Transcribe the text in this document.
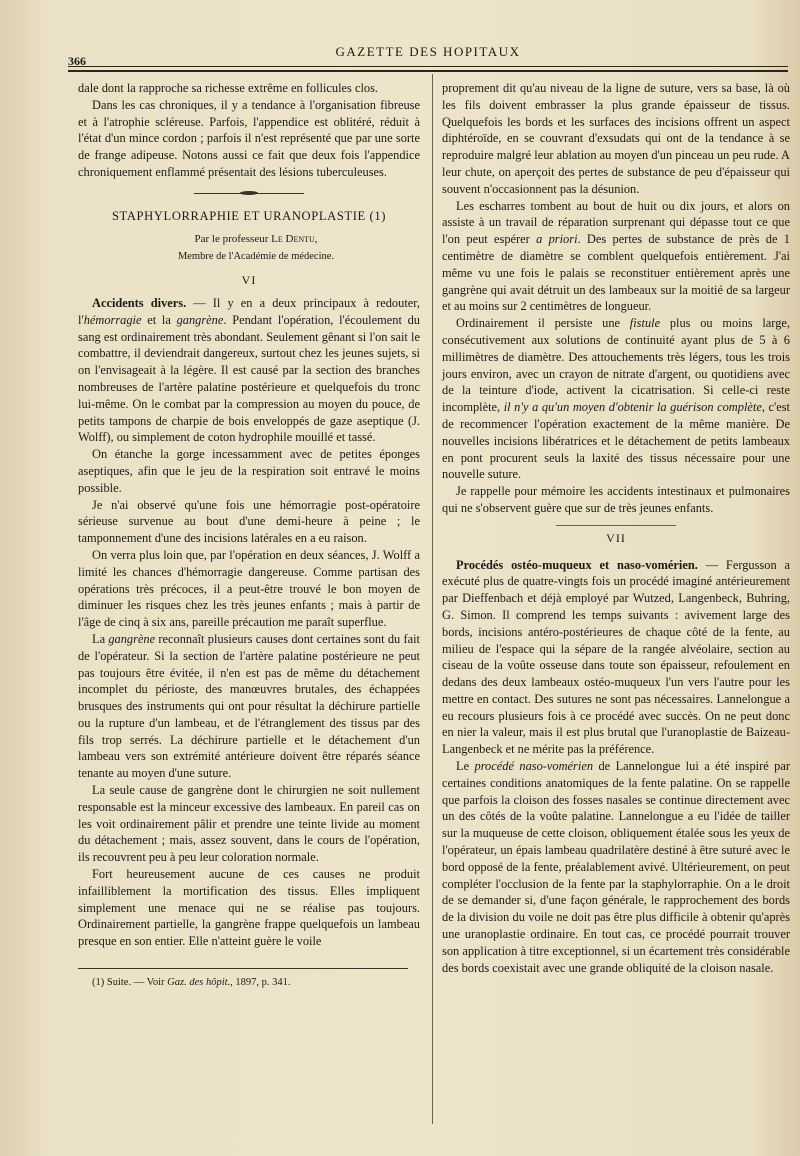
366
GAZETTE DES HOPITAUX

dale dont la rapproche sa richesse extrême en follicules clos.

Dans les cas chroniques, il y a tendance à l'organisation fibreuse et à l'atrophie scléreuse. Parfois, l'appendice est oblitéré, réduit à l'état d'un mince cordon ; parfois il n'est représenté que par une sorte de frange adipeuse. Notons aussi ce fait que deux fois l'appendice chroniquement enflammé présentait des lésions tuberculeuses.

STAPHYLORRAPHIE ET URANOPLASTIE (1)

Par le professeur Le Dentu,

Membre de l'Académie de médecine.

VI

Accidents divers. — Il y en a deux principaux à redouter, l'hémorragie et la gangrène. Pendant l'opération, l'écoulement du sang est ordinairement très abondant. Seulement gênant si l'on sait le combattre, il deviendrait dangereux, surtout chez les jeunes sujets, si on l'envisageait à la légère. Il est causé par la section des branches nombreuses de l'artère palatine postérieure et quelquefois du tronc lui-même. On le combat par la compression au moyen du pouce, de petits tampons de charpie de bois enveloppés de gaze aseptique (J. Wolff), ou simplement de coton hydrophile mouillé et tassé.

On étanche la gorge incessamment avec de petites éponges aseptiques, afin que le jeu de la respiration soit entravé le moins possible.

Je n'ai observé qu'une fois une hémorragie post-opératoire sérieuse survenue au bout d'une demi-heure à peine ; le tamponnement d'une des incisions latérales en a eu raison.

On verra plus loin que, par l'opération en deux séances, J. Wolff a limité les chances d'hémorragie dangereuse. Comme partisan des opérations très précoces, il a peut-être trouvé le bon moyen de diminuer les risques chez les très jeunes enfants ; mais à partir de l'âge de cinq à six ans, pareille précaution me paraît superflue.

La gangrène reconnaît plusieurs causes dont certaines sont du fait de l'opérateur. Si la section de l'artère palatine postérieure ne peut pas toujours être évitée, il n'en est pas de même du détachement incomplet du périoste, des manœuvres brutales, des échappées brusques des instruments qui ont pour résultat la déchirure partielle ou la rupture d'un lambeau, et de l'étranglement des tissus par des fils trop serrés. La déchirure partielle et le détachement d'un lambeau vers son extrémité antérieure doivent être réparés séance tenante au moyen d'une suture.

La seule cause de gangrène dont le chirurgien ne soit nullement responsable est la minceur excessive des lambeaux. En pareil cas on les voit ordinairement pâlir et prendre une teinte livide au moment du détachement ; mais, assez souvent, dans le cours de l'opération, ils recouvrent peu à peu leur coloration normale.

Fort heureusement aucune de ces causes ne produit infailliblement la mortification des tissus. Elles impliquent simplement une menace qui ne se réalise pas toujours. Ordinairement partielle, la gangrène frappe quelquefois un lambeau presque en son entier. Elle n'atteint guère le voile

(1) Suite. — Voir Gaz. des hôpit., 1897, p. 341.

proprement dit qu'au niveau de la ligne de suture, vers sa base, là où les fils doivent embrasser la plus grande épaisseur de tissus. Quelquefois les bords et les surfaces des incisions offrent un aspect diphtéroïde, en se couvrant d'exsudats qui ont de la tendance à se reproduire malgré leur ablation au moyen d'un pinceau un peu rude. A leur chute, on aperçoit des pertes de substance de peu d'épaisseur qui souvent n'occasionnent pas la désunion.

Les escharres tombent au bout de huit ou dix jours, et alors on assiste à un travail de réparation surprenant qui dépasse tout ce que l'on peut espérer a priori. Des pertes de substance de près de 1 centimètre de diamètre se comblent quelquefois entièrement. J'ai même vu une fois le palais se reconstituer entièrement après une gangrène qui avait détruit un des lambeaux sur la moitié de sa largeur et au moins sur 2 centimètres de longueur.

Ordinairement il persiste une fistule plus ou moins large, consécutivement aux solutions de continuité ayant plus de 5 à 6 millimètres de diamètre. Des attouchements très légers, tous les trois jours environ, avec un crayon de nitrate d'argent, ou quotidiens avec de la teinture d'iode, activent la cicatrisation. Si celle-ci reste incomplète, il n'y a qu'un moyen d'obtenir la guérison complète, c'est de recommencer l'opération exactement de la même manière. De nouvelles incisions libératrices et le détachement de petits lambeaux en pont procurent seuls la laxité des tissus nécessaire pour une nouvelle suture.

Je rappelle pour mémoire les accidents intestinaux et pulmonaires qui ne s'observent guère que sur de très jeunes enfants.

VII

Procédés ostéo-muqueux et naso-vomérien. — Fergusson a exécuté plus de quatre-vingts fois un procédé imaginé antérieurement par Dieffenbach et déjà employé par Wutzed, Langenbeck, Buhring, G. Simon. Il comprend les temps suivants : avivement large des bords, incisions antéro-postérieures de chaque côté de la fente, au milieu de l'espace qui la sépare de la rangée alvéolaire, section au ciseau de la voûte osseuse dans toute son épaisseur, refoulement en dedans des deux lambeaux ostéo-muqueux l'un vers l'autre pour les mettre en contact. Des sutures ne sont pas nécessaires. Lannelongue a eu recours plusieurs fois à ce procédé avec succès. On ne peut donc en nier la valeur, mais il est plus brutal que l'uranoplastie de Baizeau-Langenbeck et ne mérite pas la préférence.

Le procédé naso-vomérien de Lannelongue lui a été inspiré par certaines conditions anatomiques de la fente palatine. On se rappelle que parfois la cloison des fosses nasales se continue directement avec un des côtés de la voûte palatine. Lannelongue a eu l'idée de tailler sur la muqueuse de cette cloison, obliquement étalée sous les yeux de l'opérateur, un épais lambeau quadrilatère destiné à être suturé avec le bord opposé de la fente, préalablement avivé. Ultérieurement, on peut compléter l'occlusion de la fente par la staphylorraphie. On a le droit de se demander si, d'une façon générale, le rapprochement des bords de la division du voile ne doit pas être plus difficile à obtenir qu'après une uranoplastie ordinaire. En tout cas, ce procédé pourrait trouver son application à titre exceptionnel, si un écartement très considérable des bords coexistait avec une grande obliquité de la cloison nasale.
